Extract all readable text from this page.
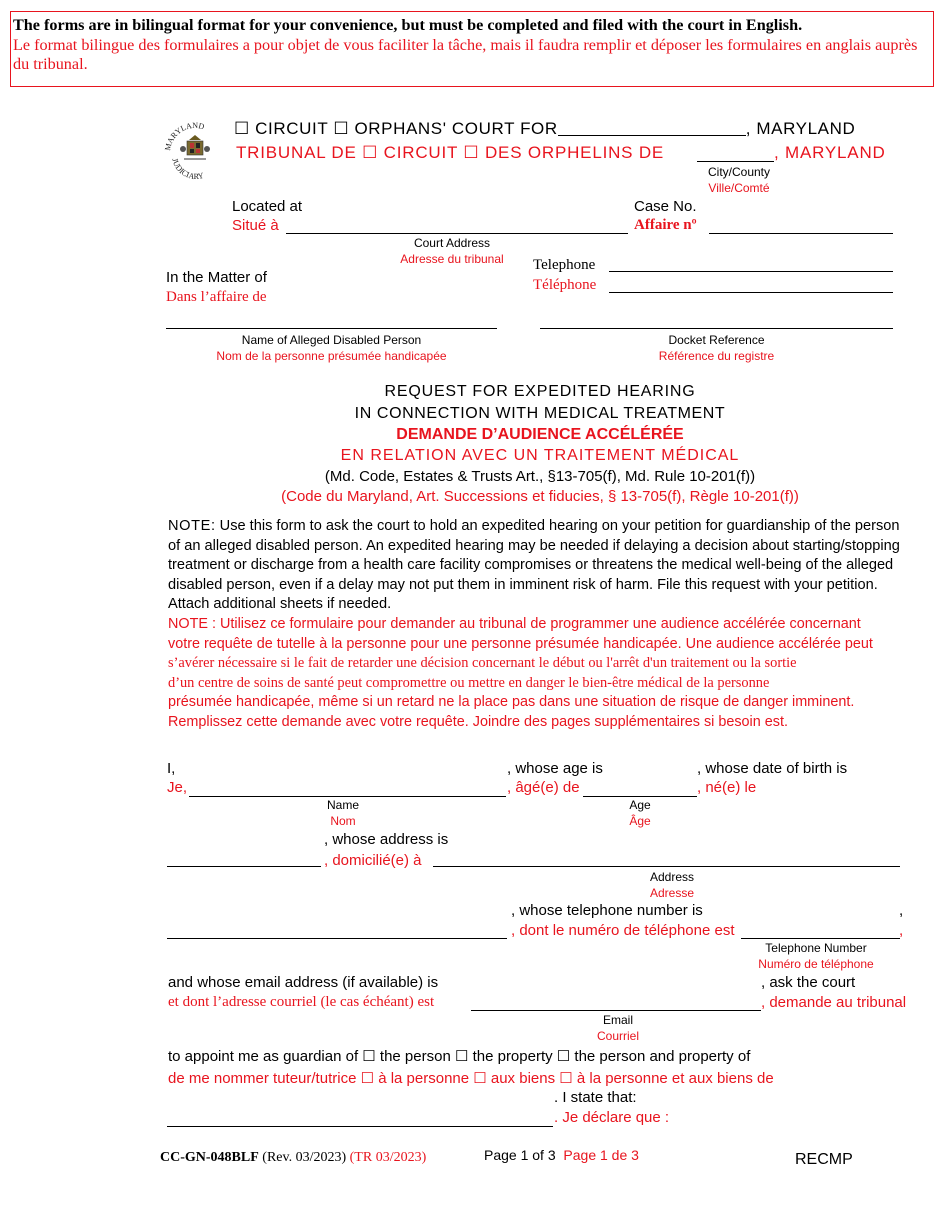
The forms are in bilingual format for your convenience, but must be completed and filed with the court in English.
Le format bilingue des formulaires a pour objet de vous faciliter la tâche, mais il faudra remplir et déposer les formulaires en anglais auprès du tribunal.
MARYLAND
JUDICIARY
☐ CIRCUIT ☐ ORPHANS' COURT FOR	, MARYLAND
TRIBUNAL DE ☐ CIRCUIT ☐ DES ORPHELINS DE	, MARYLAND
City/County
Ville/Comté
Located at
Situé à
Court Address
Adresse du tribunal
Case No.
Affaire nº
Telephone
Téléphone
In the Matter of
Dans l’affaire de
Name of Alleged Disabled Person
Nom de la personne présumée handicapée
Docket Reference
Référence du registre
REQUEST FOR EXPEDITED HEARING
IN CONNECTION WITH MEDICAL TREATMENT
DEMANDE D’AUDIENCE ACCÉLÉRÉE
EN RELATION AVEC UN TRAITEMENT MÉDICAL
(Md. Code, Estates & Trusts Art., §13-705(f), Md. Rule 10-201(f))
(Code du Maryland, Art. Successions et fiducies, § 13-705(f), Règle 10-201(f))
NOTE: Use this form to ask the court to hold an expedited hearing on your petition for guardianship of the person of an alleged disabled person. An expedited hearing may be needed if delaying a decision about starting/stopping treatment or discharge from a health care facility compromises or threatens the medical well-being of the alleged disabled person, even if a delay may not put them in imminent risk of harm. File this request with your petition. Attach additional sheets if needed.
NOTE : Utilisez ce formulaire pour demander au tribunal de programmer une audience accélérée concernant
votre requête de tutelle à la personne pour une personne présumée handicapée. Une audience accélérée peut
s’avérer nécessaire si le fait de retarder une décision concernant le début ou l'arrêt d'un traitement ou la sortie
d’un centre de soins de santé peut compromettre ou mettre en danger le bien-être médical de la personne
présumée handicapée, même si un retard ne la place pas dans une situation de risque de danger imminent.
Remplissez cette demande avec votre requête. Joindre des pages supplémentaires si besoin est.
I,
Je,
, whose age is
, âgé(e) de
, whose date of birth is
, né(e) le
Name
Nom
Age
Âge
, whose address is
, domicilié(e) à
Address
Adresse
, whose telephone number is
, dont le numéro de téléphone est
,
,
Telephone Number
Numéro de téléphone
and whose email address (if available) is
et dont l’adresse courriel (le cas échéant) est
, ask the court
, demande au tribunal
Email
Courriel
to appoint me as guardian of ☐ the person ☐ the property ☐ the person and property of
de me nommer tuteur/tutrice ☐ à la personne ☐ aux biens ☐ à la personne et aux biens de
. I state that:
. Je déclare que :
CC-GN-048BLF (Rev. 03/2023) (TR 03/2023)	Page 1 of 3 Page 1 de 3	RECMP
